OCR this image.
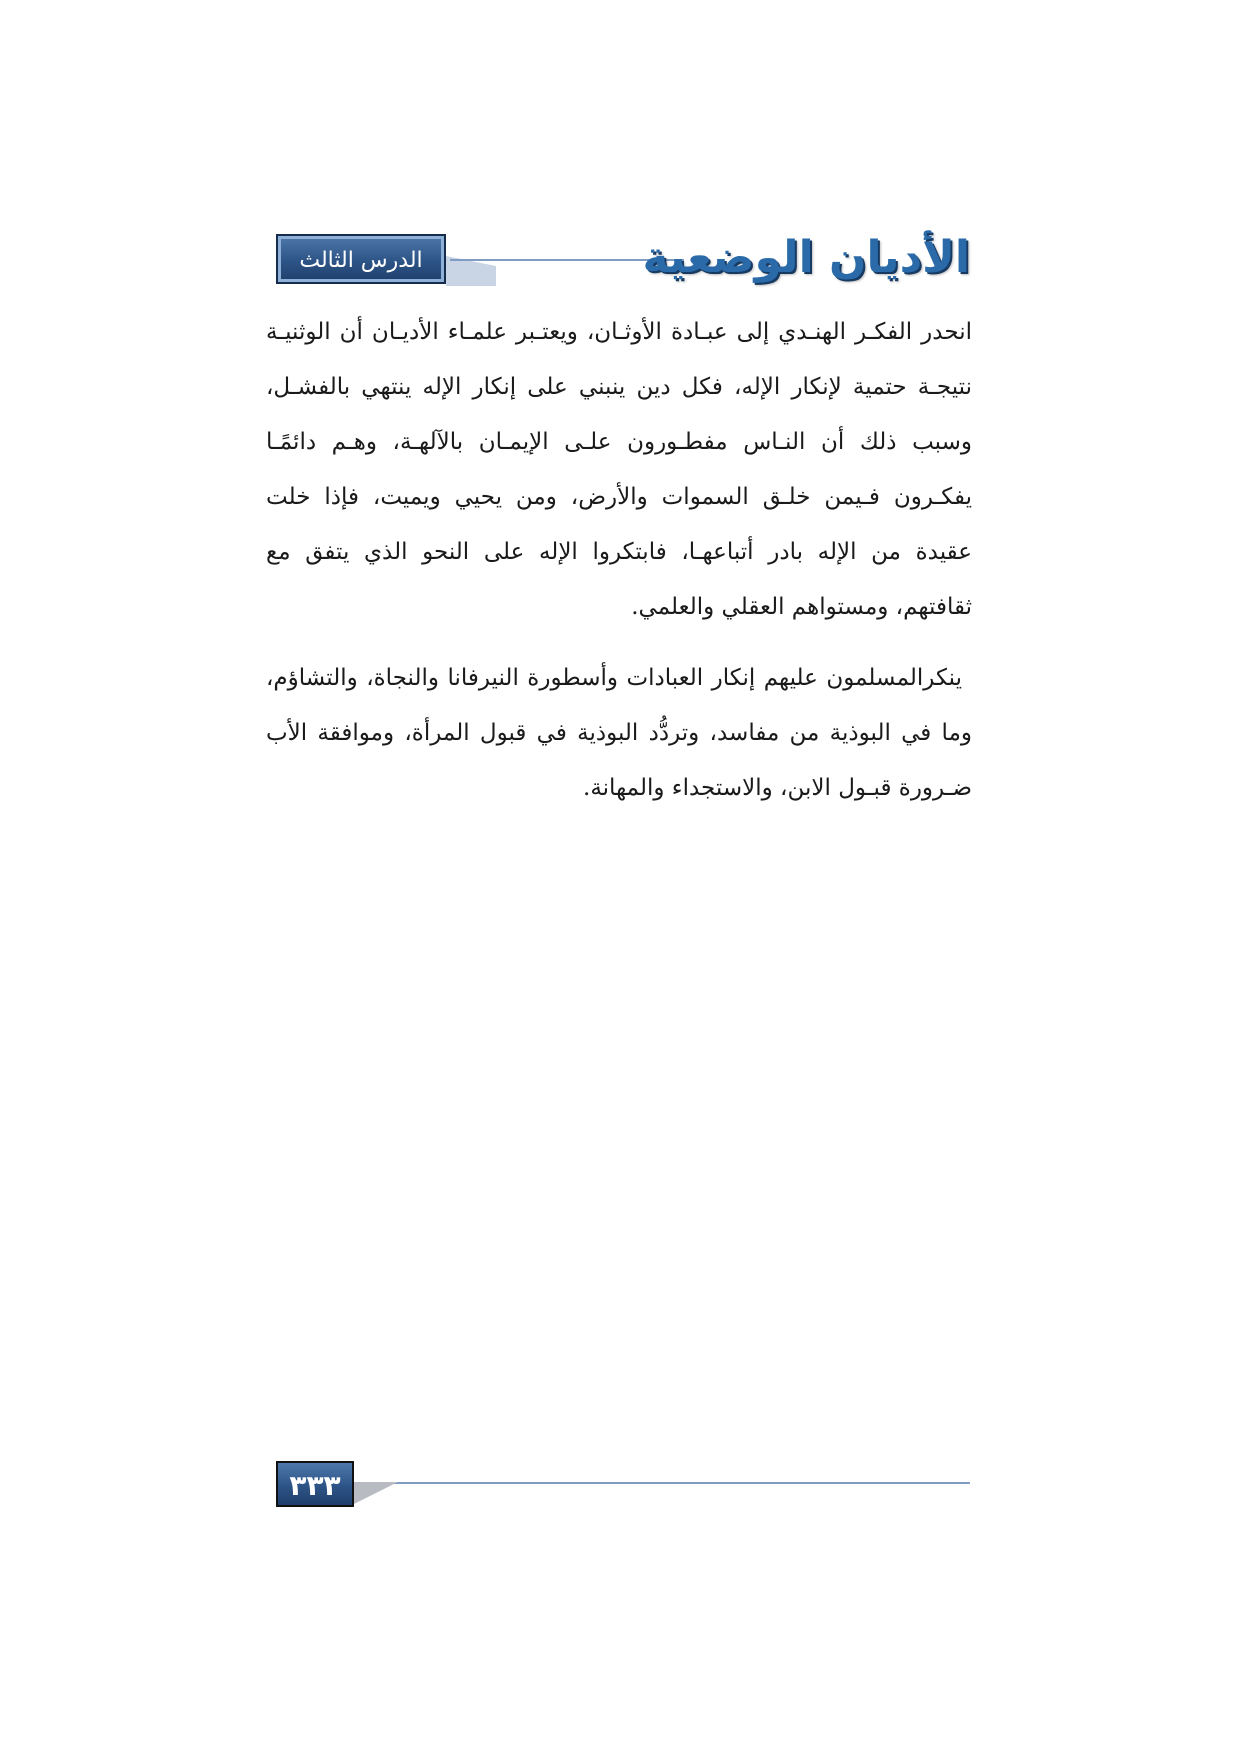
الدرس الثالث عشر
الأديان الوضعية

انحدر الفكـر الهنـدي إلى عبـادة الأوثـان، ويعتـبر علمـاء الأديـان أن الوثنيـة نتيجـة حتمية لإنكار الإله، فكل دين ينبني على إنكار الإله ينتهي بالفشـل، وسبب ذلك أن النـاس مفطـورون علـى الإيمـان بالآلهـة، وهـم دائمًـا يفكـرون فـيمن خلـق السموات والأرض، ومن يحيي ويميت، فإذا خلت عقيدة من الإله بادر أتباعهـا، فابتكروا الإله على النحو الذي يتفق مع ثقافتهم، ومستواهم العقلي والعلمي.

ينكرالمسلمون عليهم إنكار العبادات وأسطورة النيرفانا والنجاة، والتشاؤم، وما في البوذية من مفاسد، وتردُّد البوذية في قبول المرأة، وموافقة الأب ضـرورة قبـول الابن، والاستجداء والمهانة.

٣٣٣
